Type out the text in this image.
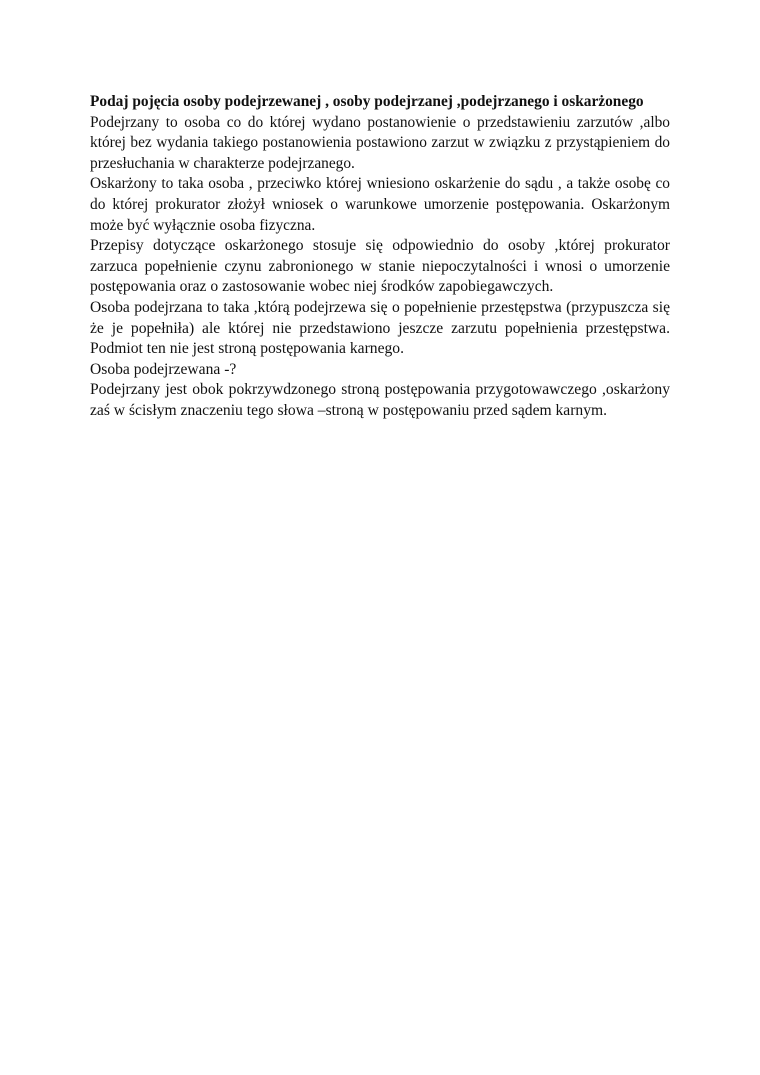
Podaj pojęcia osoby podejrzewanej , osoby podejrzanej ,podejrzanego i oskarżonego

Podejrzany to osoba co do której wydano postanowienie o przedstawieniu zarzutów ,albo której bez wydania takiego postanowienia postawiono zarzut w związku z przystąpieniem do przesłuchania w charakterze podejrzanego.

Oskarżony to taka osoba , przeciwko której wniesiono oskarżenie do sądu , a także osobę co do której prokurator złożył wniosek o warunkowe umorzenie postępowania. Oskarżonym może być wyłącznie osoba fizyczna.

Przepisy dotyczące oskarżonego stosuje się odpowiednio do osoby ,której prokurator zarzuca popełnienie czynu zabronionego w stanie niepoczytalności i wnosi o umorzenie postępowania oraz o zastosowanie wobec niej środków zapobiegawczych.

Osoba podejrzana to taka ,którą podejrzewa się o popełnienie przestępstwa (przypuszcza się że je popełniła) ale której nie przedstawiono jeszcze zarzutu popełnienia przestępstwa. Podmiot ten nie jest stroną postępowania karnego.

Osoba podejrzewana -?

Podejrzany jest obok pokrzywdzonego stroną postępowania przygotowawczego ,oskarżony zaś w ścisłym znaczeniu tego słowa –stroną w postępowaniu przed sądem karnym.
